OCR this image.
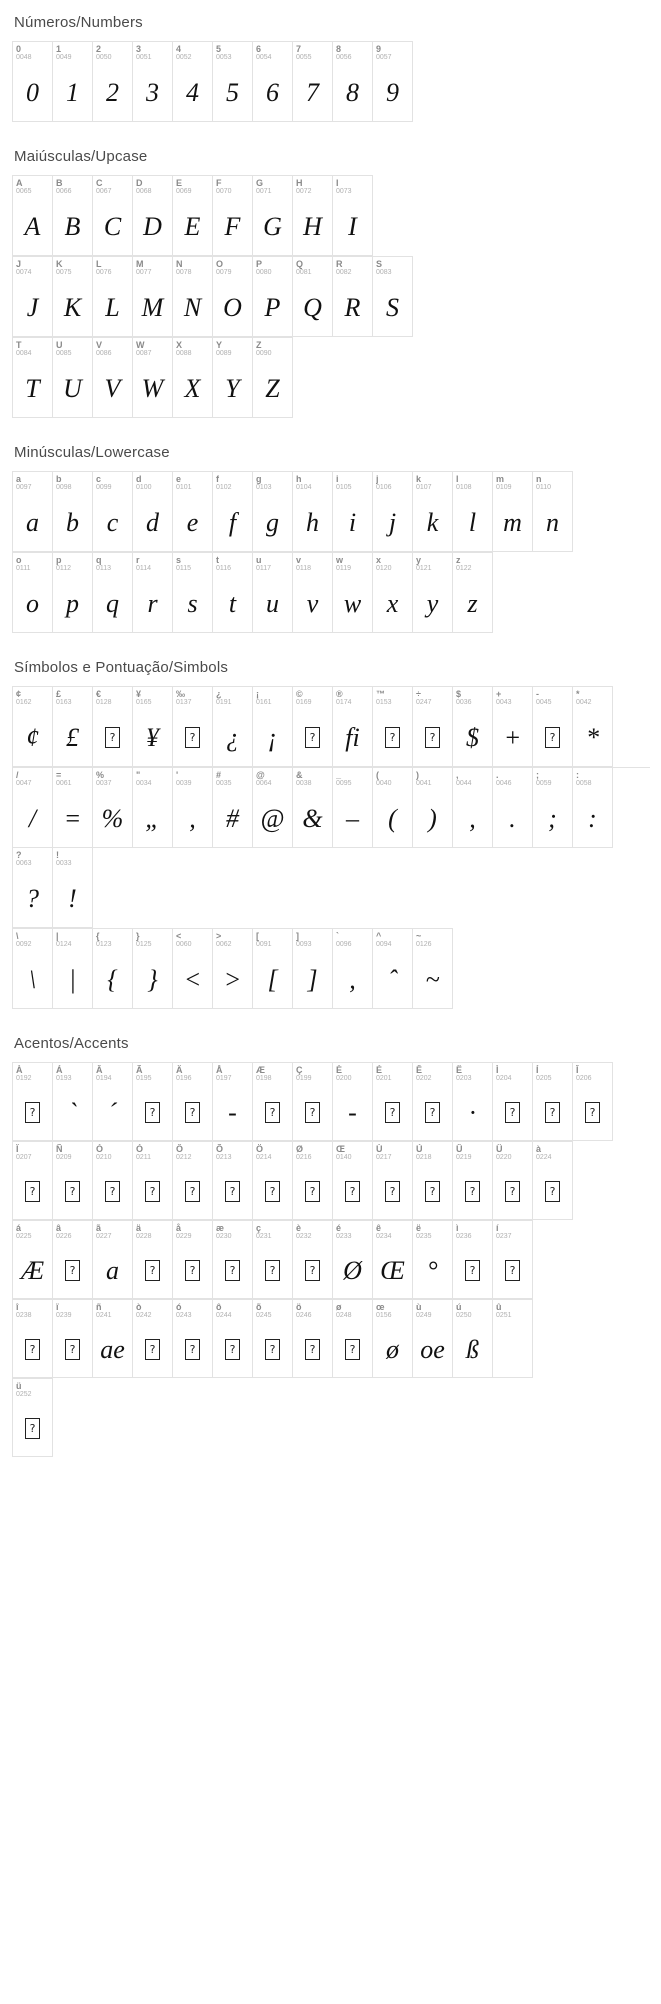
Números/Numbers
0
0048
0
1
0049
1
2
0050
2
3
0051
3
4
0052
4
5
0053
5
6
0054
6
7
0055
7
8
0056
8
9
0057
9
Maiúsculas/Upcase
A
0065
A
B
0066
B
C
0067
C
D
0068
D
E
0069
E
F
0070
F
G
0071
G
H
0072
H
I
0073
I
J
0074
J
K
0075
K
L
0076
L
M
0077
M
N
0078
N
O
0079
O
P
0080
P
Q
0081
Q
R
0082
R
S
0083
S
T
0084
T
U
0085
U
V
0086
V
W
0087
W
X
0088
X
Y
0089
Y
Z
0090
Z
Minúsculas/Lowercase
a
0097
a
b
0098
b
c
0099
c
d
0100
d
e
0101
e
f
0102
f
g
0103
g
h
0104
h
i
0105
i
j
0106
j
k
0107
k
l
0108
l
m
0109
m
n
0110
n
o
0111
o
p
0112
p
q
0113
q
r
0114
r
s
0115
s
t
0116
t
u
0117
u
v
0118
v
w
0119
w
x
0120
x
y
0121
y
z
0122
z
Símbolos e Pontuação/Simbols
¢
0162
¢
£
0163
£
€
0128
?
¥
0165
¥
‰
0137
?
¿
0191
¿
¡
0161
¡
©
0169
?
®
0174
fi
™
0153
?
÷
0247
?
$
0036
$
+
0043
+
-
0045
?
*
0042
*
/
0047
/
=
0061
=
%
0037
%
"
0034
„
'
0039
,
#
0035
#
@
0064
@
&
0038
&
_
0095
–
(
0040
(
)
0041
)
,
0044
,
.
0046
.
;
0059
;
:
0058
:
?
0063
?
!
0033
!
\
0092
\
|
0124
|
{
0123
{
}
0125
}
<
0060
<
>
0062
>
[
0091
[
]
0093
]
`
0096
,
^
0094
ˆ
~
0126
~
Acentos/Accents
À
0192
?
Á
0193
`
Â
0194
´
Ã
0195
?
Ä
0196
?
Å
0197
-
Æ
0198
?
Ç
0199
?
È
0200
-
É
0201
?
Ê
0202
?
Ë
0203
·
Ì
0204
?
Í
0205
?
Î
0206
?
Ï
0207
?
Ñ
0209
?
Ò
0210
?
Ó
0211
?
Ô
0212
?
Õ
0213
?
Ö
0214
?
Ø
0216
?
Œ
0140
?
Ù
0217
?
Ú
0218
?
Û
0219
?
Ü
0220
?
à
0224
?
á
0225
Æ
â
0226
?
ã
0227
a
ä
0228
?
å
0229
?
æ
0230
?
ç
0231
?
è
0232
?
é
0233
Ø
ê
0234
Œ
ë
0235
°
ì
0236
?
í
0237
?
î
0238
?
ï
0239
?
ñ
0241
ae
ò
0242
?
ó
0243
?
ô
0244
?
õ
0245
?
ö
0246
?
ø
0248
?
œ
0156
ø
ù
0249
oe
ú
0250
ß
û
0251
ü
0252
?
